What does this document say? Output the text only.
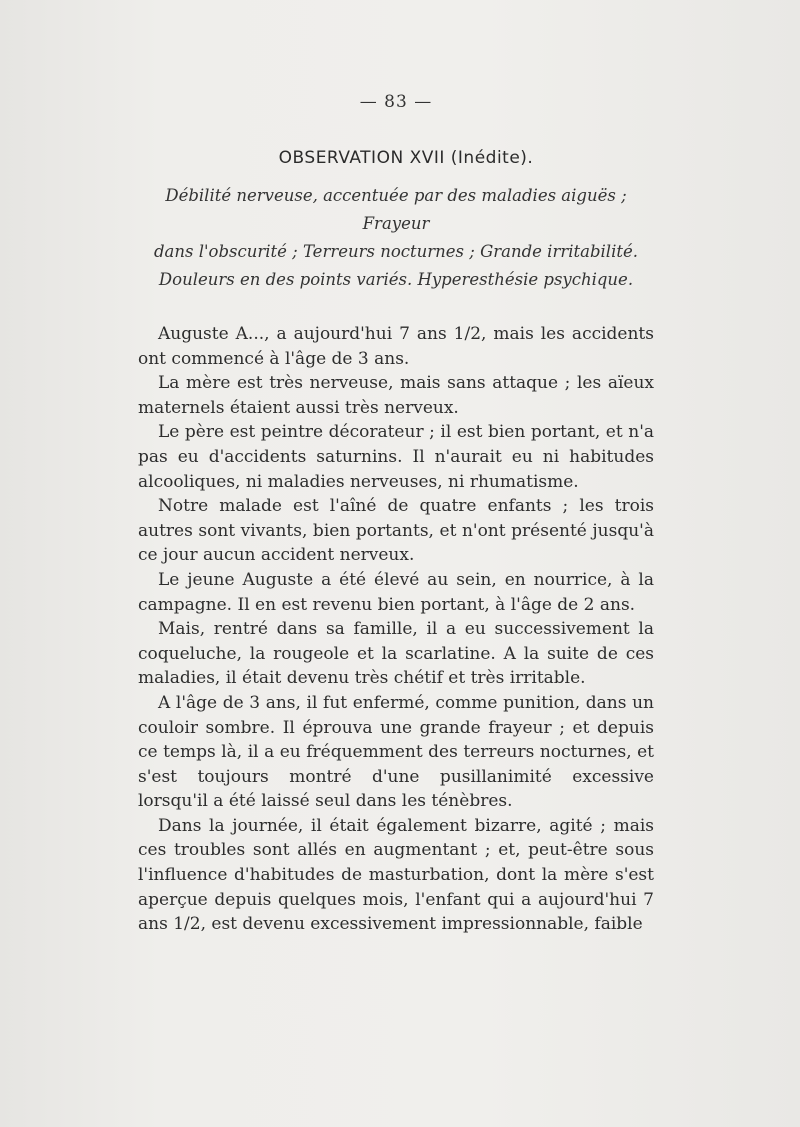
— 83 —
OBSERVATION XVII (Inédite).
Débilité nerveuse, accentuée par des maladies aiguës ; Frayeur
dans l'obscurité ; Terreurs nocturnes ; Grande irritabilité.
Douleurs en des points variés. Hyperesthésie psychique.

Auguste A..., a aujourd'hui 7 ans 1/2, mais les accidents ont commencé à l'âge de 3 ans.

La mère est très nerveuse, mais sans attaque ; les aïeux maternels étaient aussi très nerveux.

Le père est peintre décorateur ; il est bien portant, et n'a pas eu d'accidents saturnins. Il n'aurait eu ni habitudes alcooliques, ni maladies nerveuses, ni rhumatisme.

Notre malade est l'aîné de quatre enfants ; les trois autres sont vivants, bien portants, et n'ont présenté jusqu'à ce jour aucun accident nerveux.

Le jeune Auguste a été élevé au sein, en nourrice, à la campagne. Il en est revenu bien portant, à l'âge de 2 ans.

Mais, rentré dans sa famille, il a eu successivement la coqueluche, la rougeole et la scarlatine. A la suite de ces maladies, il était devenu très chétif et très irritable.

A l'âge de 3 ans, il fut enfermé, comme punition, dans un couloir sombre. Il éprouva une grande frayeur ; et depuis ce temps là, il a eu fréquemment des terreurs nocturnes, et s'est toujours montré d'une pusillanimité excessive lorsqu'il a été laissé seul dans les ténèbres.

Dans la journée, il était également bizarre, agité ; mais ces troubles sont allés en augmentant ; et, peut-être sous l'influence d'habitudes de masturbation, dont la mère s'est aperçue depuis quelques mois, l'enfant qui a aujourd'hui 7 ans 1/2, est devenu excessivement impressionnable, faible
